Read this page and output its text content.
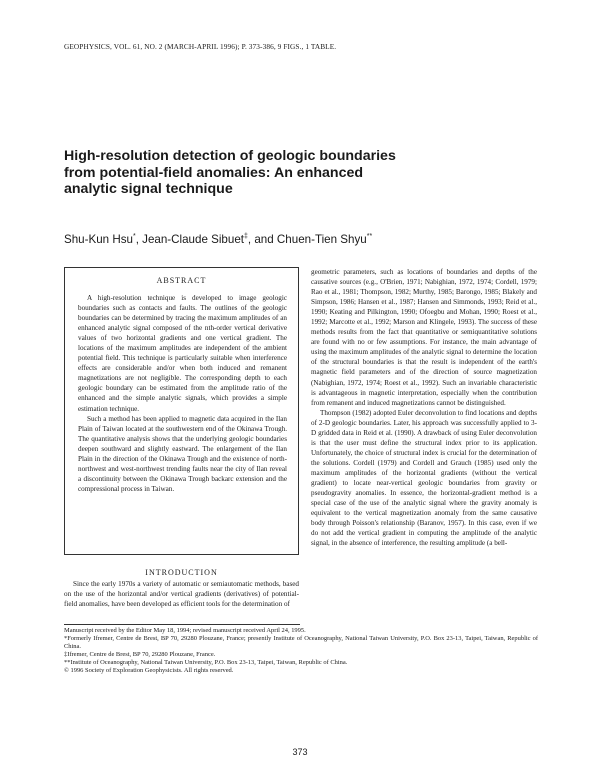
GEOPHYSICS, VOL. 61, NO. 2 (MARCH-APRIL 1996); P. 373-386, 9 FIGS., 1 TABLE.
High-resolution detection of geologic boundaries from potential-field anomalies: An enhanced analytic signal technique
Shu-Kun Hsu*, Jean-Claude Sibuet‡, and Chuen-Tien Shyu**
ABSTRACT

A high-resolution technique is developed to image geologic boundaries such as contacts and faults. The outlines of the geologic boundaries can be determined by tracing the maximum amplitudes of an enhanced analytic signal composed of the nth-order vertical derivative values of two horizontal gradients and one vertical gradient. The locations of the maximum amplitudes are independent of the ambient potential field. This technique is particularly suitable when interference effects are considerable and/or when both induced and remanent magnetizations are not negligible. The corresponding depth to each geologic boundary can be estimated from the amplitude ratio of the enhanced and the simple analytic signals, which provides a simple estimation technique.

Such a method has been applied to magnetic data acquired in the Ilan Plain of Taiwan located at the southwestern end of the Okinawa Trough. The quantitative analysis shows that the underlying geologic boundaries deepen southward and slightly eastward. The enlargement of the Ilan Plain in the direction of the Okinawa Trough and the existence of north-northwest and west-northwest trending faults near the city of Ilan reveal a discontinuity between the Okinawa Trough backarc extension and the compressional process in Taiwan.

INTRODUCTION

Since the early 1970s a variety of automatic or semiautomatic methods, based on the use of the horizontal and/or vertical gradients (derivatives) of potential-field anomalies, have been developed as efficient tools for the determination of

geometric parameters, such as locations of boundaries and depths of the causative sources (e.g., O'Brien, 1971; Nabighian, 1972, 1974; Cordell, 1979; Rao et al., 1981; Thompson, 1982; Murthy, 1985; Barongo, 1985; Blakely and Simpson, 1986; Hansen et al., 1987; Hansen and Simmonds, 1993; Reid et al., 1990; Keating and Pilkington, 1990; Ofoegbu and Mohan, 1990; Roest et al., 1992; Marcotte et al., 1992; Marson and Klingele, 1993). The success of these methods results from the fact that quantitative or semiquantitative solutions are found with no or few assumptions. For instance, the main advantage of using the maximum amplitudes of the analytic signal to determine the location of the structural boundaries is that the result is independent of the earth's magnetic field parameters and of the direction of source magnetization (Nabighian, 1972, 1974; Roest et al., 1992). Such an invariable characteristic is advantageous in magnetic interpretation, especially when the contribution from remanent and induced magnetizations cannot be distinguished.

Thompson (1982) adopted Euler deconvolution to find locations and depths of 2-D geologic boundaries. Later, his approach was successfully applied to 3-D gridded data in Reid et al. (1990). A drawback of using Euler deconvolution is that the user must define the structural index prior to its application. Unfortunately, the choice of structural index is crucial for the determination of the solutions. Cordell (1979) and Cordell and Grauch (1985) used only the maximum amplitudes of the horizontal gradients (without the vertical gradient) to locate near-vertical geologic boundaries from gravity or pseudogravity anomalies. In essence, the horizontal-gradient method is a special case of the use of the analytic signal where the gravity anomaly is equivalent to the vertical magnetization anomaly from the same causative body through Poisson's relationship (Baranov, 1957). In this case, even if we do not add the vertical gradient in computing the amplitude of the analytic signal, in the absence of interference, the resulting amplitude (a bell-

Manuscript received by the Editor May 18, 1994; revised manuscript received April 24, 1995.
*Formerly Ifremer, Centre de Brest, BP 70, 29280 Plouzane, France; presently Institute of Oceanography, National Taiwan University, P.O. Box 23-13, Taipei, Taiwan, Republic of China.
‡Ifremer, Centre de Brest, BP 70, 29280 Plouzane, France.
**Institute of Oceanography, National Taiwan University, P.O. Box 23-13, Taipei, Taiwan, Republic of China.
© 1996 Society of Exploration Geophysicists. All rights reserved.
373
